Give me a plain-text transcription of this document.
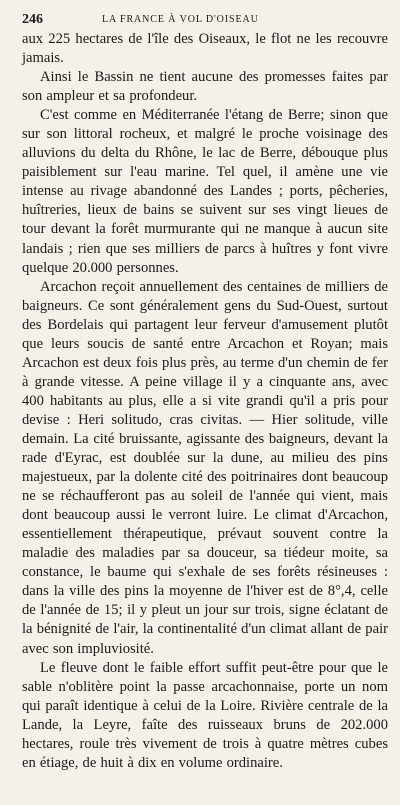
246	LA FRANCE À VOL D'OISEAU

aux 225 hectares de l'île des Oiseaux, le flot ne les recouvre jamais.

Ainsi le Bassin ne tient aucune des promesses faites par son ampleur et sa profondeur.

C'est comme en Méditerranée l'étang de Berre; sinon que sur son littoral rocheux, et malgré le proche voisinage des alluvions du delta du Rhône, le lac de Berre, débouque plus paisiblement sur l'eau marine. Tel quel, il amène une vie intense au rivage abandonné des Landes ; ports, pêcheries, huîtreries, lieux de bains se suivent sur ses vingt lieues de tour devant la forêt murmurante qui ne manque à aucun site landais ; rien que ses milliers de parcs à huîtres y font vivre quelque 20.000 personnes.

Arcachon reçoit annuellement des centaines de milliers de baigneurs. Ce sont généralement gens du Sud-Ouest, surtout des Bordelais qui partagent leur ferveur d'amusement plutôt que leurs soucis de santé entre Arcachon et Royan; mais Arcachon est deux fois plus près, au terme d'un chemin de fer à grande vitesse. A peine village il y a cinquante ans, avec 400 habitants au plus, elle a si vite grandi qu'il a pris pour devise : Heri solitudo, cras civitas. — Hier solitude, ville demain. La cité bruissante, agissante des baigneurs, devant la rade d'Eyrac, est doublée sur la dune, au milieu des pins majestueux, par la dolente cité des poitrinaires dont beaucoup ne se réchaufferont pas au soleil de l'année qui vient, mais dont beaucoup aussi le verront luire. Le climat d'Arcachon, essentiellement thérapeutique, prévaut souvent contre la maladie des maladies par sa douceur, sa tiédeur moite, sa constance, le baume qui s'exhale de ses forêts résineuses : dans la ville des pins la moyenne de l'hiver est de 8°,4, celle de l'année de 15; il y pleut un jour sur trois, signe éclatant de la bénignité de l'air, la continentalité d'un climat allant de pair avec son impluviosité.

Le fleuve dont le faible effort suffit peut-être pour que le sable n'oblitère point la passe arcachonnaise, porte un nom qui paraît identique à celui de la Loire. Rivière centrale de la Lande, la Leyre, faîte des ruisseaux bruns de 202.000 hectares, roule très vivement de trois à quatre mètres cubes en étiage, de huit à dix en volume ordinaire.
